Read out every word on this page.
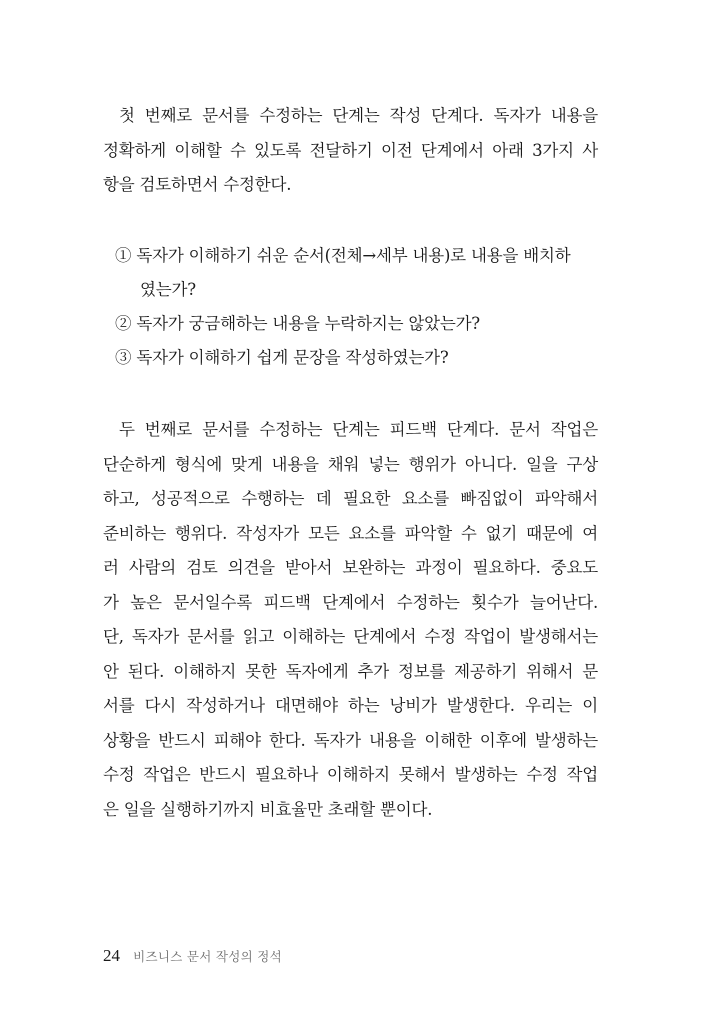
첫 번째로 문서를 수정하는 단계는 작성 단계다. 독자가 내용을
정확하게 이해할 수 있도록 전달하기 이전 단계에서 아래 3가지 사
항을 검토하면서 수정한다.
① 독자가 이해하기 쉬운 순서(전체→세부 내용)로 내용을 배치하
였는가?
② 독자가 궁금해하는 내용을 누락하지는 않았는가?
③ 독자가 이해하기 쉽게 문장을 작성하였는가?
두 번째로 문서를 수정하는 단계는 피드백 단계다. 문서 작업은
단순하게 형식에 맞게 내용을 채워 넣는 행위가 아니다. 일을 구상
하고, 성공적으로 수행하는 데 필요한 요소를 빠짐없이 파악해서
준비하는 행위다. 작성자가 모든 요소를 파악할 수 없기 때문에 여
러 사람의 검토 의견을 받아서 보완하는 과정이 필요하다. 중요도
가 높은 문서일수록 피드백 단계에서 수정하는 횟수가 늘어난다.
단, 독자가 문서를 읽고 이해하는 단계에서 수정 작업이 발생해서는
안 된다. 이해하지 못한 독자에게 추가 정보를 제공하기 위해서 문
서를 다시 작성하거나 대면해야 하는 낭비가 발생한다. 우리는 이
상황을 반드시 피해야 한다. 독자가 내용을 이해한 이후에 발생하는
수정 작업은 반드시 필요하나 이해하지 못해서 발생하는 수정 작업
은 일을 실행하기까지 비효율만 초래할 뿐이다.
24 비즈니스 문서 작성의 정석
